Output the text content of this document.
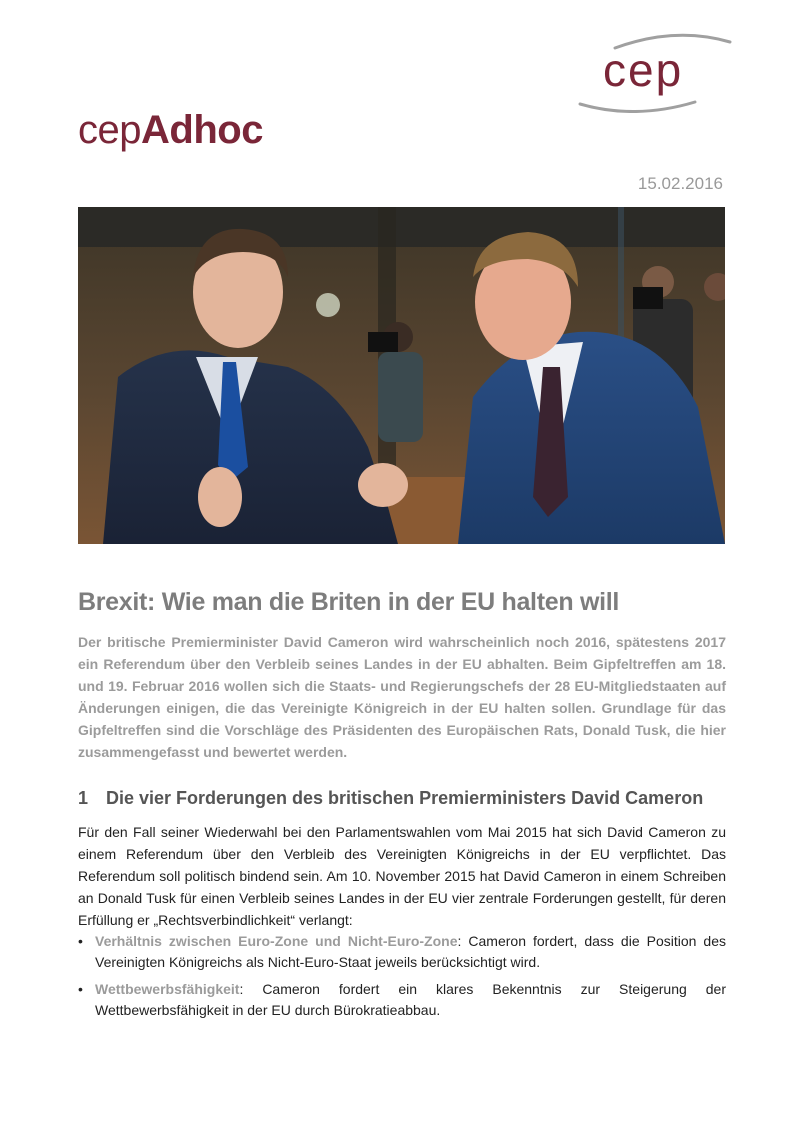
cep
cepAdhoc
15.02.2016
Brexit: Wie man die Briten in der EU halten will
Der britische Premierminister David Cameron wird wahrscheinlich noch 2016, spätestens 2017 ein Referendum über den Verbleib seines Landes in der EU abhalten. Beim Gipfeltreffen am 18. und 19. Februar 2016 wollen sich die Staats- und Regierungschefs der 28 EU-Mitgliedstaaten auf Änderungen einigen, die das Vereinigte Königreich in der EU halten sollen. Grundlage für das Gipfeltreffen sind die Vorschläge des Präsidenten des Europäischen Rats, Donald Tusk, die hier zusammengefasst und bewertet werden.
1 Die vier Forderungen des britischen Premierministers David Cameron
Für den Fall seiner Wiederwahl bei den Parlamentswahlen vom Mai 2015 hat sich David Cameron zu einem Referendum über den Verbleib des Vereinigten Königreichs in der EU verpflichtet. Das Referendum soll politisch bindend sein. Am 10. November 2015 hat David Cameron in einem Schreiben an Donald Tusk für einen Verbleib seines Landes in der EU vier zentrale Forderungen gestellt, für deren Erfüllung er „Rechtsverbindlichkeit“ verlangt:
• Verhältnis zwischen Euro-Zone und Nicht-Euro-Zone: Cameron fordert, dass die Position des Vereinigten Königreichs als Nicht-Euro-Staat jeweils berücksichtigt wird.
• Wettbewerbsfähigkeit: Cameron fordert ein klares Bekenntnis zur Steigerung der Wettbewerbsfähigkeit in der EU durch Bürokratieabbau.
